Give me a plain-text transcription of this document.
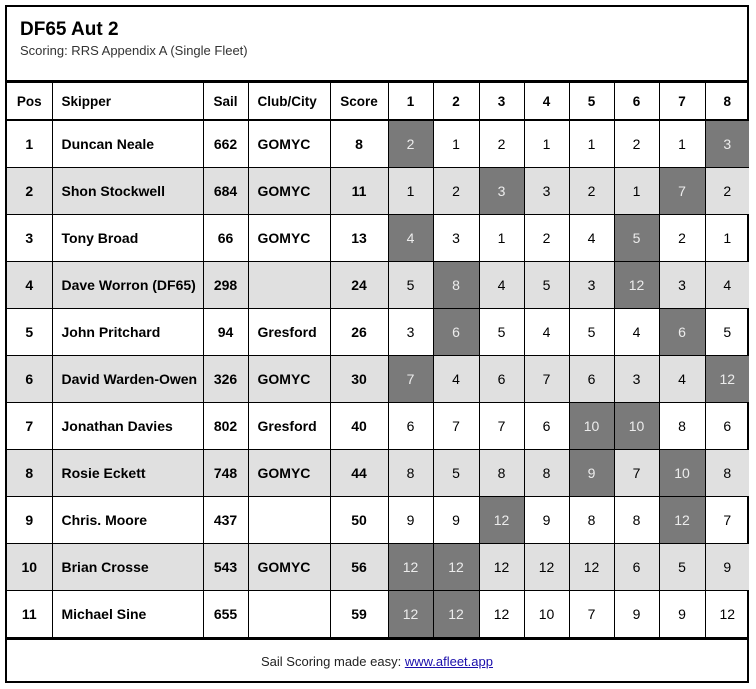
DF65 Aut 2
Scoring: RRS Appendix A (Single Fleet)
Pos	Skipper	Sail	Club/City	Score	1	2	3	4	5	6	7	8
1	Duncan Neale	662	GOMYC	8	2	1	2	1	1	2	1	3
2	Shon Stockwell	684	GOMYC	11	1	2	3	3	2	1	7	2
3	Tony Broad	66	GOMYC	13	4	3	1	2	4	5	2	1
4	Dave Worron (DF65)	298		24	5	8	4	5	3	12	3	4
5	John Pritchard	94	Gresford	26	3	6	5	4	5	4	6	5
6	David Warden-Owen	326	GOMYC	30	7	4	6	7	6	3	4	12
7	Jonathan Davies	802	Gresford	40	6	7	7	6	10	10	8	6
8	Rosie Eckett	748	GOMYC	44	8	5	8	8	9	7	10	8
9	Chris. Moore	437		50	9	9	12	9	8	8	12	7
10	Brian Crosse	543	GOMYC	56	12	12	12	12	12	6	5	9
11	Michael Sine	655		59	12	12	12	10	7	9	9	12
Sail Scoring made easy: www.afleet.app
